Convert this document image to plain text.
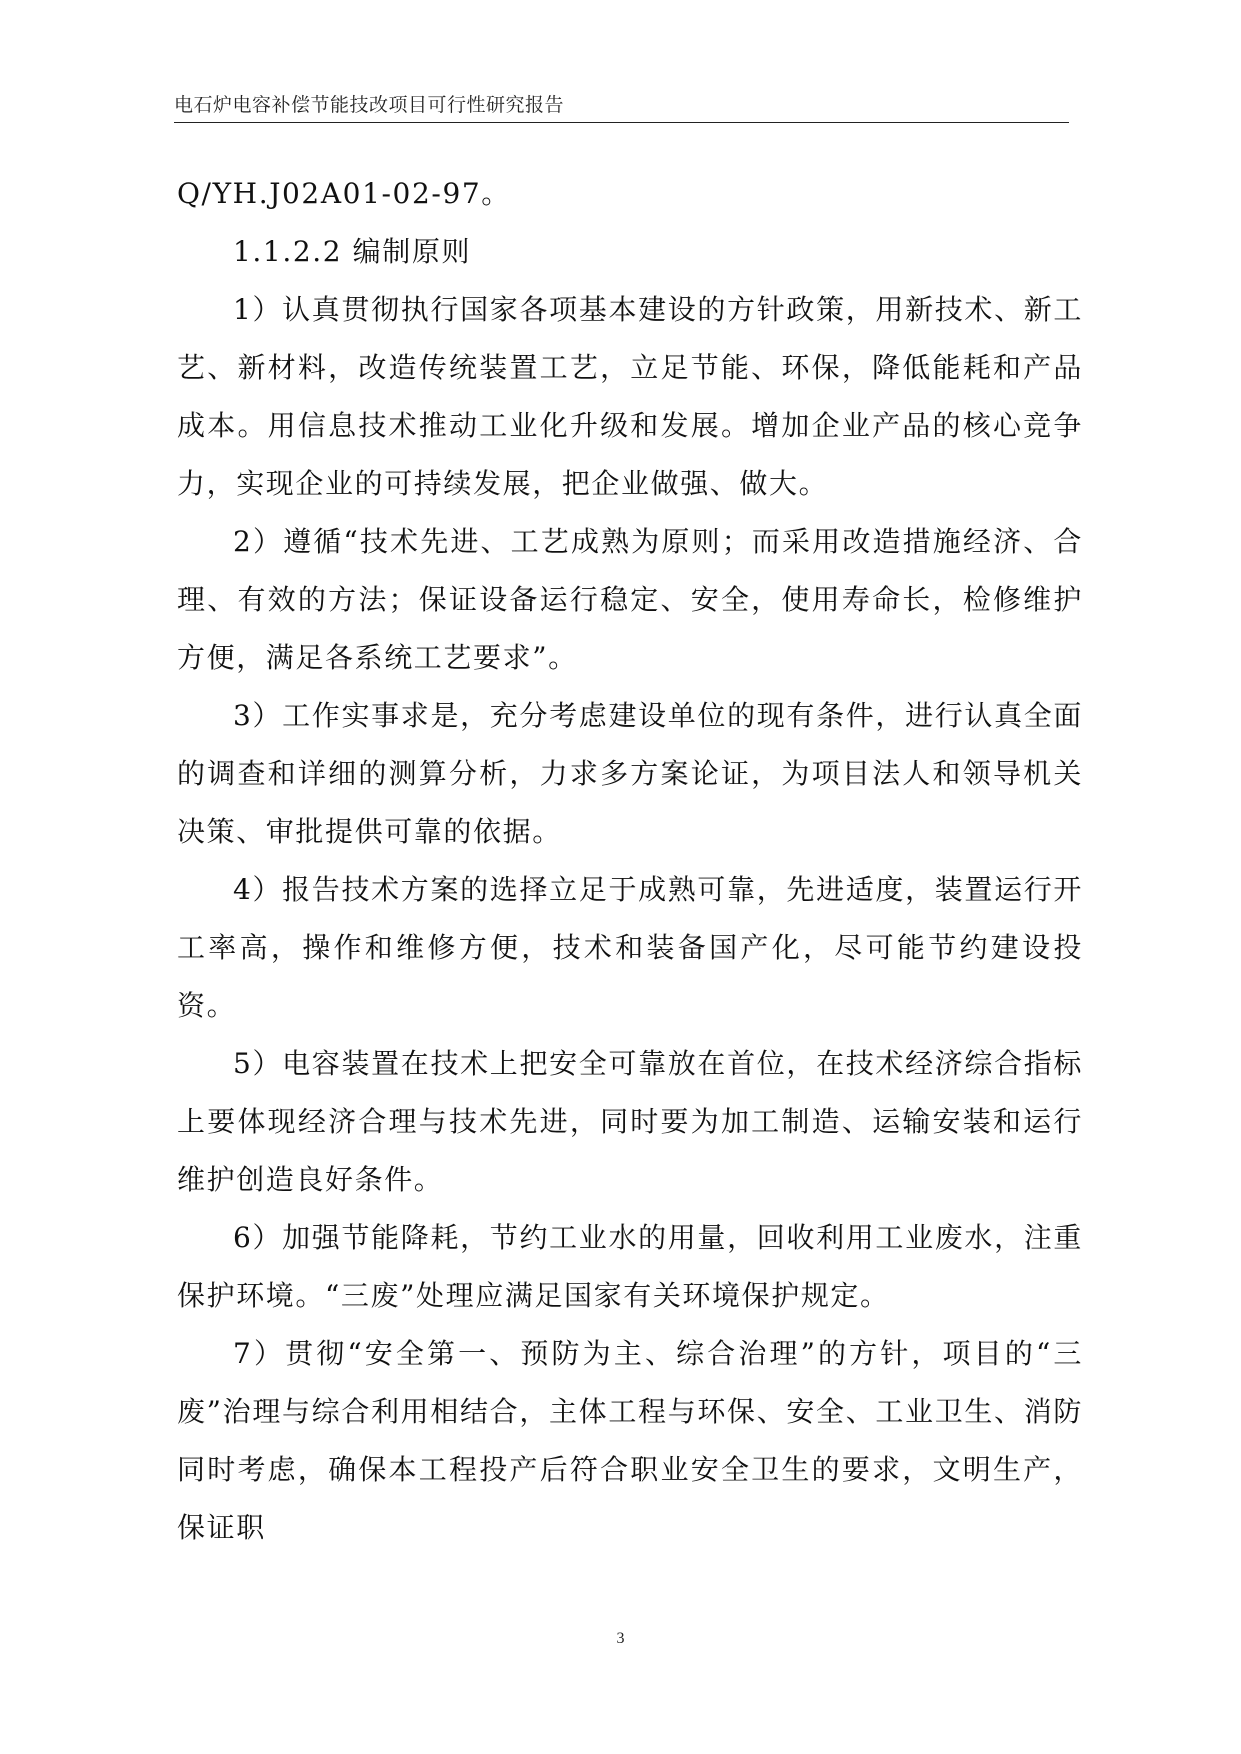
电石炉电容补偿节能技改项目可行性研究报告

Q/YH.J02A01-02-97。

1.1.2.2 编制原则

1）认真贯彻执行国家各项基本建设的方针政策，用新技术、新工艺、新材料，改造传统装置工艺，立足节能、环保，降低能耗和产品成本。用信息技术推动工业化升级和发展。增加企业产品的核心竞争力，实现企业的可持续发展，把企业做强、做大。

2）遵循“技术先进、工艺成熟为原则；而采用改造措施经济、合理、有效的方法；保证设备运行稳定、安全，使用寿命长，检修维护方便，满足各系统工艺要求”。

3）工作实事求是，充分考虑建设单位的现有条件，进行认真全面的调查和详细的测算分析，力求多方案论证，为项目法人和领导机关决策、审批提供可靠的依据。

4）报告技术方案的选择立足于成熟可靠，先进适度，装置运行开工率高，操作和维修方便，技术和装备国产化，尽可能节约建设投资。

5）电容装置在技术上把安全可靠放在首位，在技术经济综合指标上要体现经济合理与技术先进，同时要为加工制造、运输安装和运行维护创造良好条件。

6）加强节能降耗，节约工业水的用量，回收利用工业废水，注重保护环境。“三废”处理应满足国家有关环境保护规定。

7）贯彻“安全第一、预防为主、综合治理”的方针，项目的“三废”治理与综合利用相结合，主体工程与环保、安全、工业卫生、消防同时考虑，确保本工程投产后符合职业安全卫生的要求，文明生产，保证职

3
